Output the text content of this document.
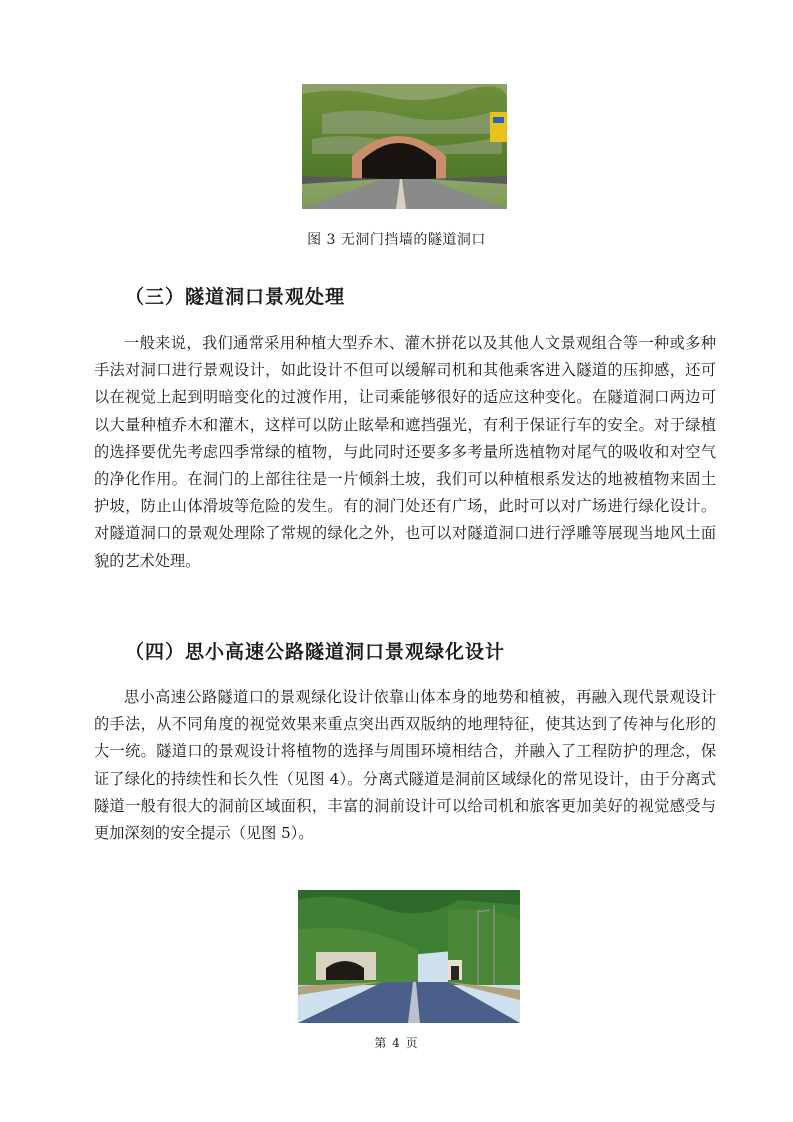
图 3 无洞门挡墙的隧道洞口
（三）隧道洞口景观处理

一般来说，我们通常采用种植大型乔木、灌木拼花以及其他人文景观组合等一种或多种手法对洞口进行景观设计，如此设计不但可以缓解司机和其他乘客进入隧道的压抑感，还可以在视觉上起到明暗变化的过渡作用，让司乘能够很好的适应这种变化。在隧道洞口两边可以大量种植乔木和灌木，这样可以防止眩晕和遮挡强光，有利于保证行车的安全。对于绿植的选择要优先考虑四季常绿的植物，与此同时还要多多考量所选植物对尾气的吸收和对空气的净化作用。在洞门的上部往往是一片倾斜土坡，我们可以种植根系发达的地被植物来固土护坡，防止山体滑坡等危险的发生。有的洞门处还有广场，此时可以对广场进行绿化设计。对隧道洞口的景观处理除了常规的绿化之外，也可以对隧道洞口进行浮雕等展现当地风土面貌的艺术处理。

（四）思小高速公路隧道洞口景观绿化设计

思小高速公路隧道口的景观绿化设计依靠山体本身的地势和植被，再融入现代景观设计的手法，从不同角度的视觉效果来重点突出西双版纳的地理特征，使其达到了传神与化形的大一统。隧道口的景观设计将植物的选择与周围环境相结合，并融入了工程防护的理念，保证了绿化的持续性和长久性（见图 4）。分离式隧道是洞前区域绿化的常见设计，由于分离式隧道一般有很大的洞前区域面积，丰富的洞前设计可以给司机和旅客更加美好的视觉感受与更加深刻的安全提示（见图 5）。

第 4 页
